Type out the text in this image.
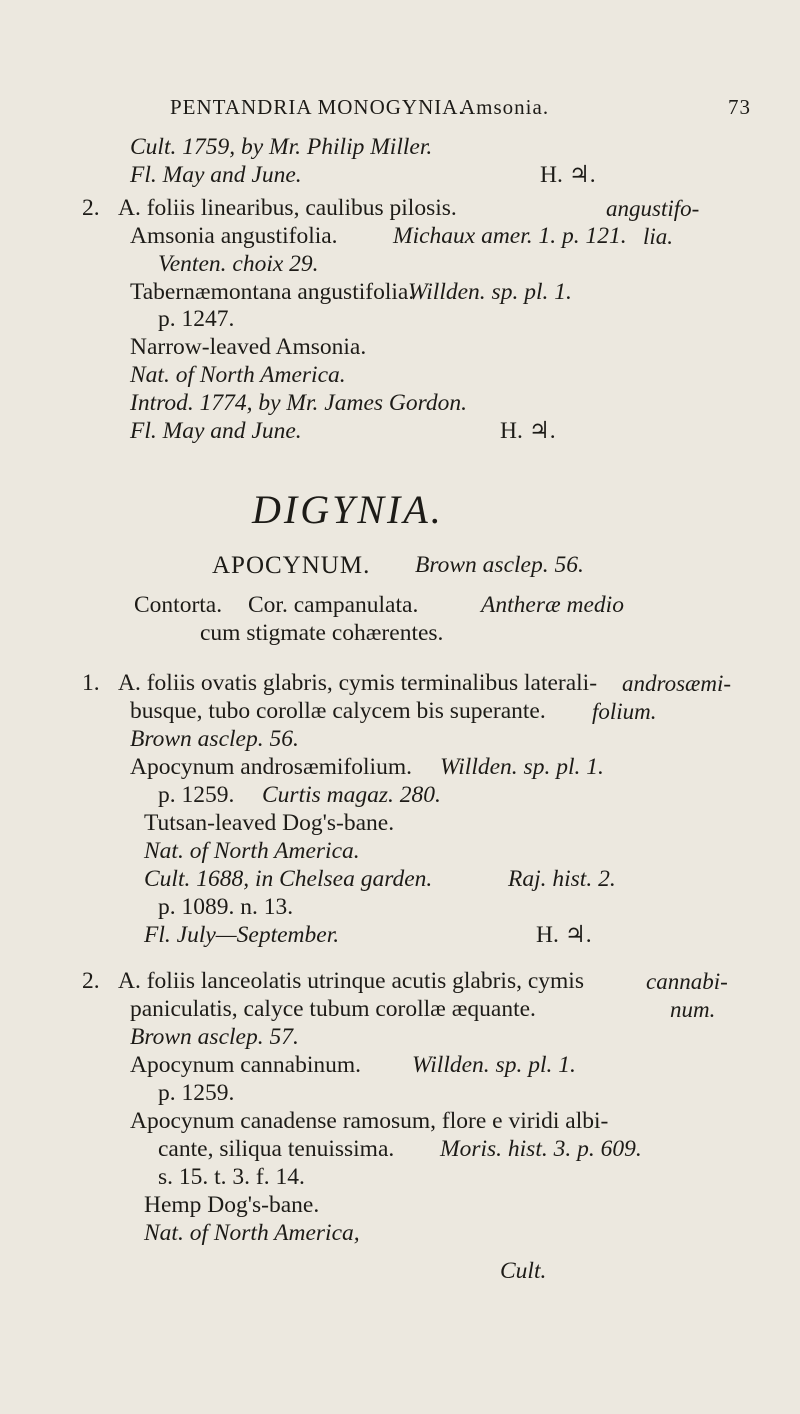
PENTANDRIA MONOGYNIA.
Amsonia.	73
Cult. 1759, by Mr. Philip Miller.
Fl. May and June.	H. ♃.
2. A. foliis linearibus, caulibus pilosis.	angustifo-
Amsonia angustifolia. Michaux amer. 1. p. 121. lia.
Venten. choix 29.
Tabernæmontana angustifolia.
Willden. sp. pl. 1.
p. 1247.
Narrow-leaved Amsonia.
Nat. of North America.
Introd. 1774, by Mr. James Gordon.
Fl. May and June.	H. ♃.
DIGYNIA.
APOCYNUM. Brown asclep. 56.
Contorta. Cor. campanulata.	Antheræ medio
cum stigmate cohærentes.
1. A. foliis ovatis glabris, cymis terminalibus laterali- androsæmi-
busque, tubo corollæ calycem bis superante. folium.
Brown asclep. 56.
Apocynum androsæmifolium. Willden. sp. pl. 1.
p. 1259. Curtis magaz. 280.
Tutsan-leaved Dog's-bane.
Nat. of North America.
Cult. 1688, in Chelsea garden.	Raj. hist. 2.
p. 1089. n. 13.
Fl. July—September.	H. ♃.
2. A. foliis lanceolatis utrinque acutis glabris, cymis	cannabi-
paniculatis, calyce tubum corollæ æquante.	num.
Brown asclep. 57.
Apocynum cannabinum. Willden. sp. pl. 1.
p. 1259.
Apocynum canadense ramosum, flore e viridi albi-
cante, siliqua tenuissima. Moris. hist. 3. p. 609.
s. 15. t. 3. f. 14.
Hemp Dog's-bane.
Nat. of North America,
Cult.
